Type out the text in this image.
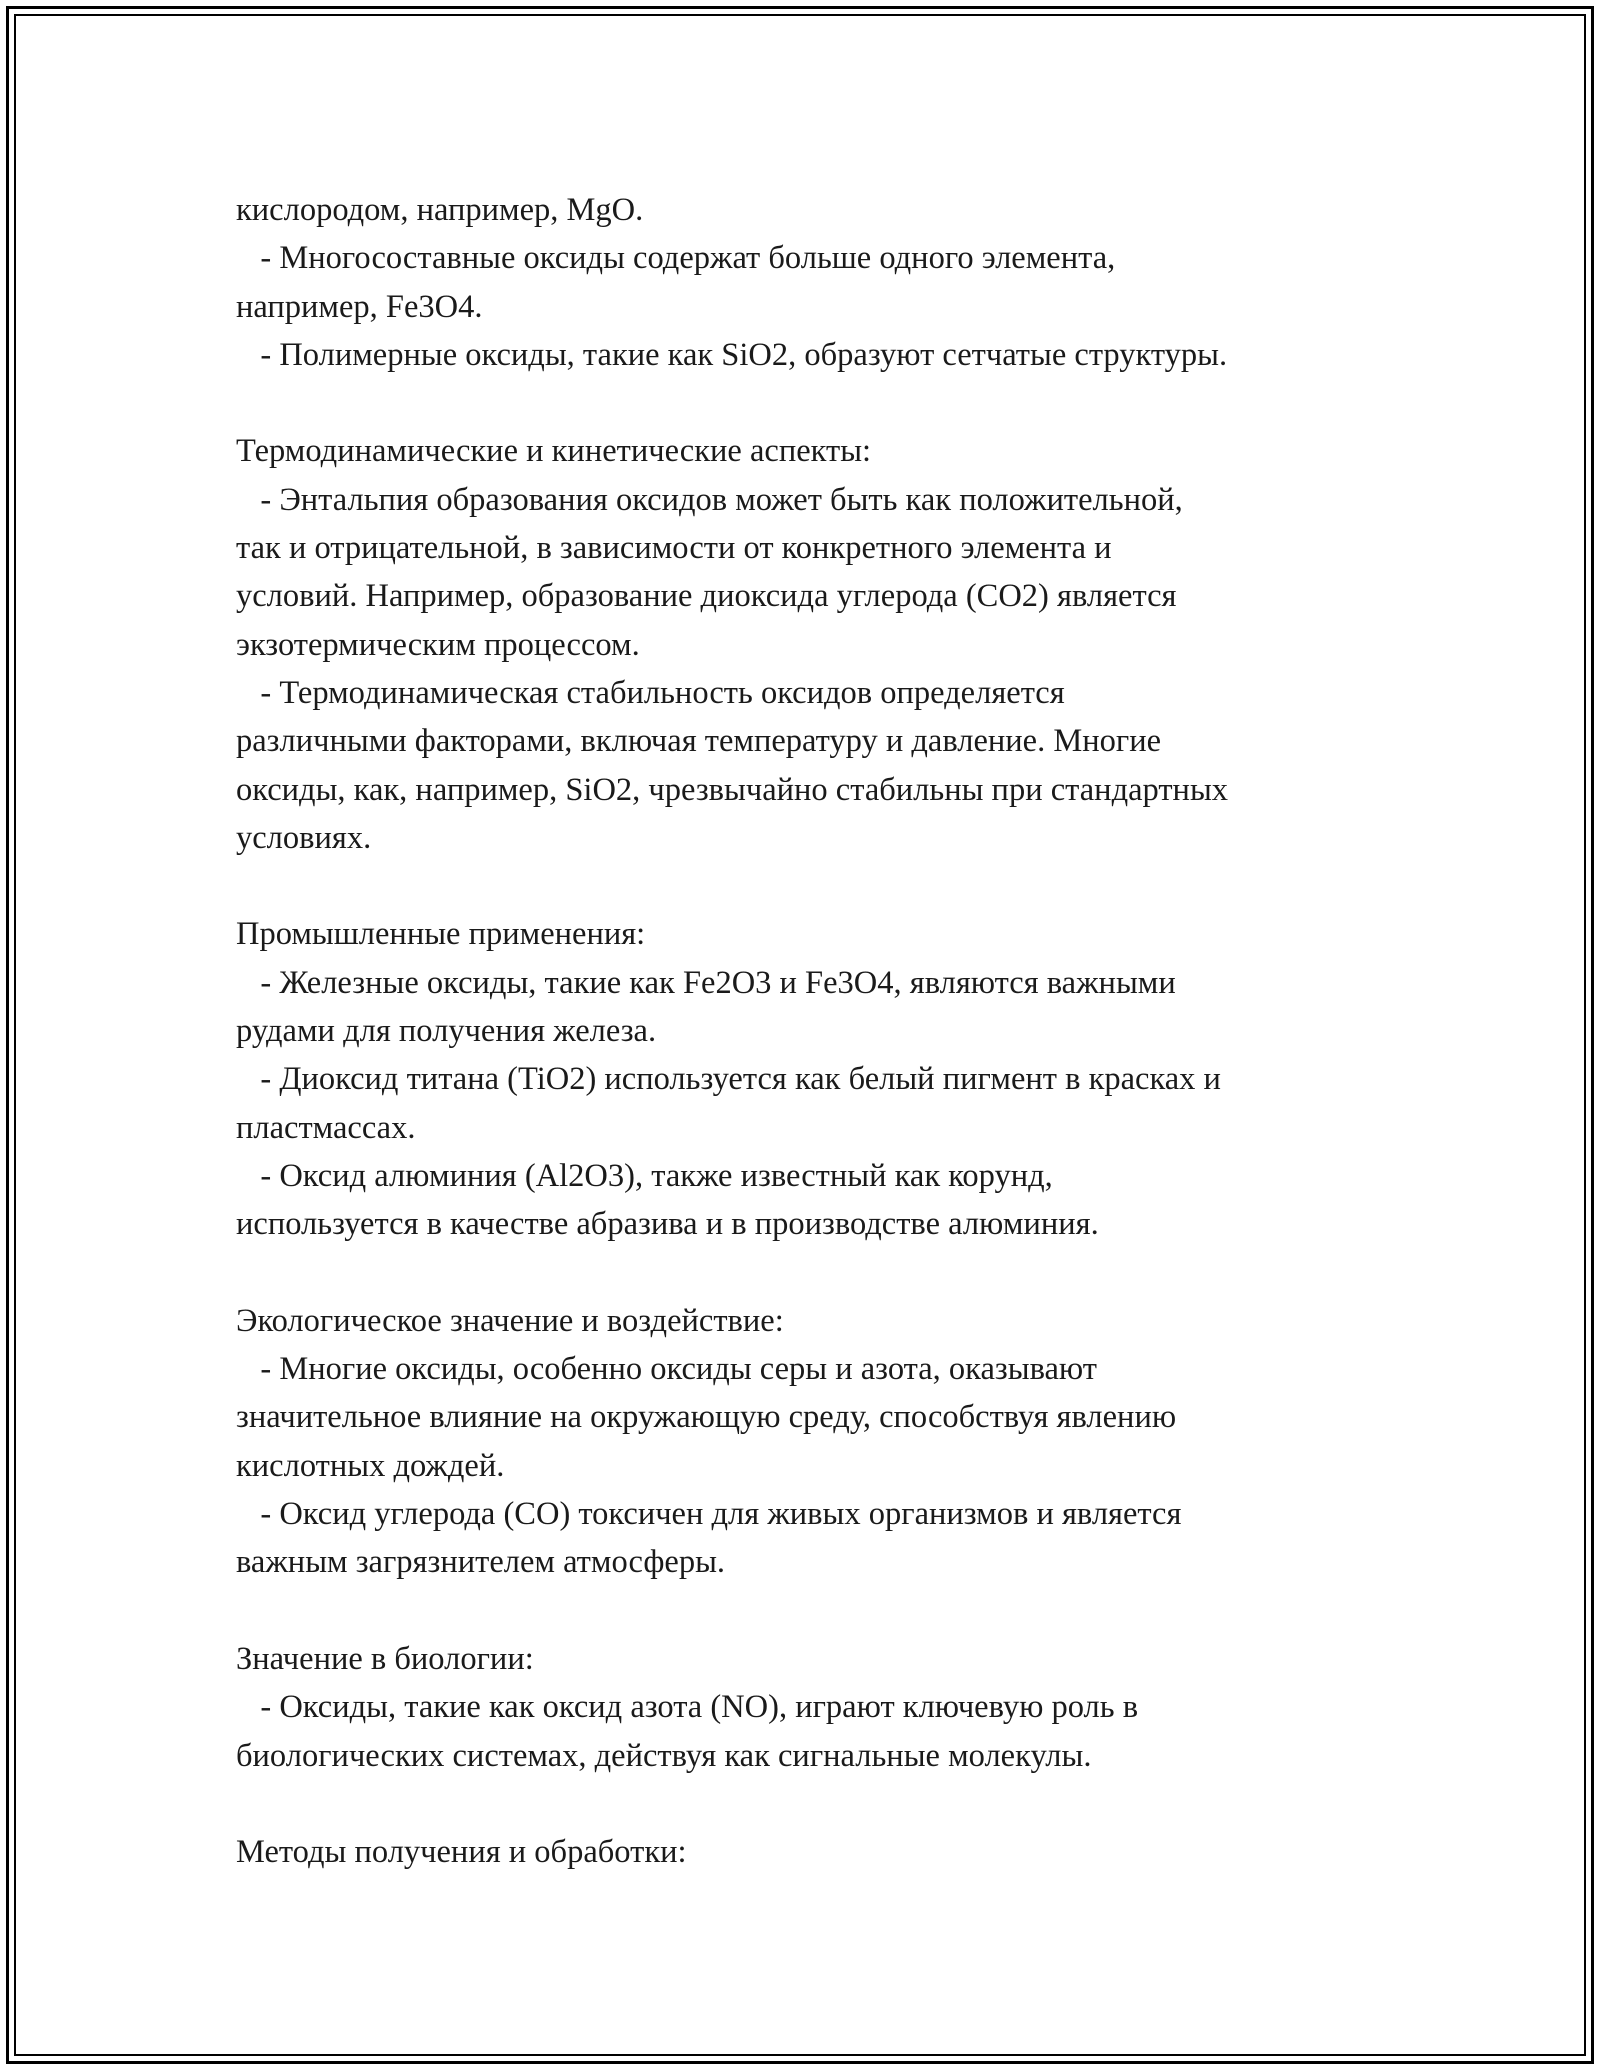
кислородом, например, MgO.
- Многосоставные оксиды содержат больше одного элемента,
например, Fe3O4.
- Полимерные оксиды, такие как SiO2, образуют сетчатые структуры.
Термодинамические и кинетические аспекты:
- Энтальпия образования оксидов может быть как положительной,
так и отрицательной, в зависимости от конкретного элемента и
условий. Например, образование диоксида углерода (CO2) является
экзотермическим процессом.
- Термодинамическая стабильность оксидов определяется
различными факторами, включая температуру и давление. Многие
оксиды, как, например, SiO2, чрезвычайно стабильны при стандартных
условиях.
Промышленные применения:
- Железные оксиды, такие как Fe2O3 и Fe3O4, являются важными
рудами для получения железа.
- Диоксид титана (TiO2) используется как белый пигмент в красках и
пластмассах.
- Оксид алюминия (Al2O3), также известный как корунд,
используется в качестве абразива и в производстве алюминия.
Экологическое значение и воздействие:
- Многие оксиды, особенно оксиды серы и азота, оказывают
значительное влияние на окружающую среду, способствуя явлению
кислотных дождей.
- Оксид углерода (CO) токсичен для живых организмов и является
важным загрязнителем атмосферы.
Значение в биологии:
- Оксиды, такие как оксид азота (NO), играют ключевую роль в
биологических системах, действуя как сигнальные молекулы.
Методы получения и обработки:
